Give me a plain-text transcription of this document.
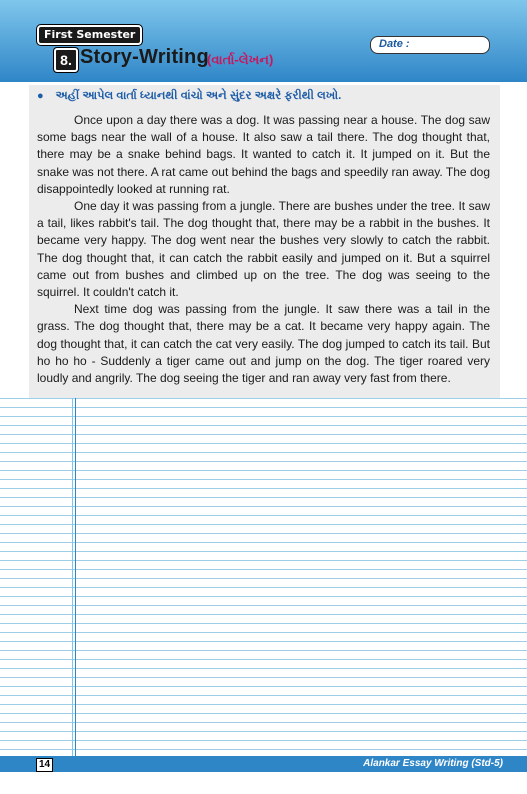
First Semester
8. Story-Writing
(વાર્તા-લેખન)
Date :
● અહીં આપેલ વાર્તા ધ્યાનથી વાંચો અને સુંદર અક્ષરે ફરીથી લખો.

Once upon a day there was a dog. It was passing near a house. The dog saw some bags near the wall of a house. It also saw a tail there. The dog thought that, there may be a snake behind bags. It wanted to catch it. It jumped on it. But the snake was not there. A rat came out behind the bags and speedily ran away. The dog disappointedly looked at running rat.

One day it was passing from a jungle. There are bushes under the tree. It saw a tail, likes rabbit's tail. The dog thought that, there may be a rabbit in the bushes. It became very happy. The dog went near the bushes very slowly to catch the rabbit. The dog thought that, it can catch the rabbit easily and jumped on it. But a squirrel came out from bushes and climbed up on the tree. The dog was seeing to the squirrel. It couldn't catch it.

Next time dog was passing from the jungle. It saw there was a tail in the grass. The dog thought that, there may be a cat. It became very happy again. The dog thought that, it can catch the cat very easily. The dog jumped to catch its tail. But ho ho ho - Suddenly a tiger came out and jump on the dog. The tiger roared very loudly and angrily. The dog seeing the tiger and ran away very fast from there.

14	Alankar Essay Writing (Std-5)
